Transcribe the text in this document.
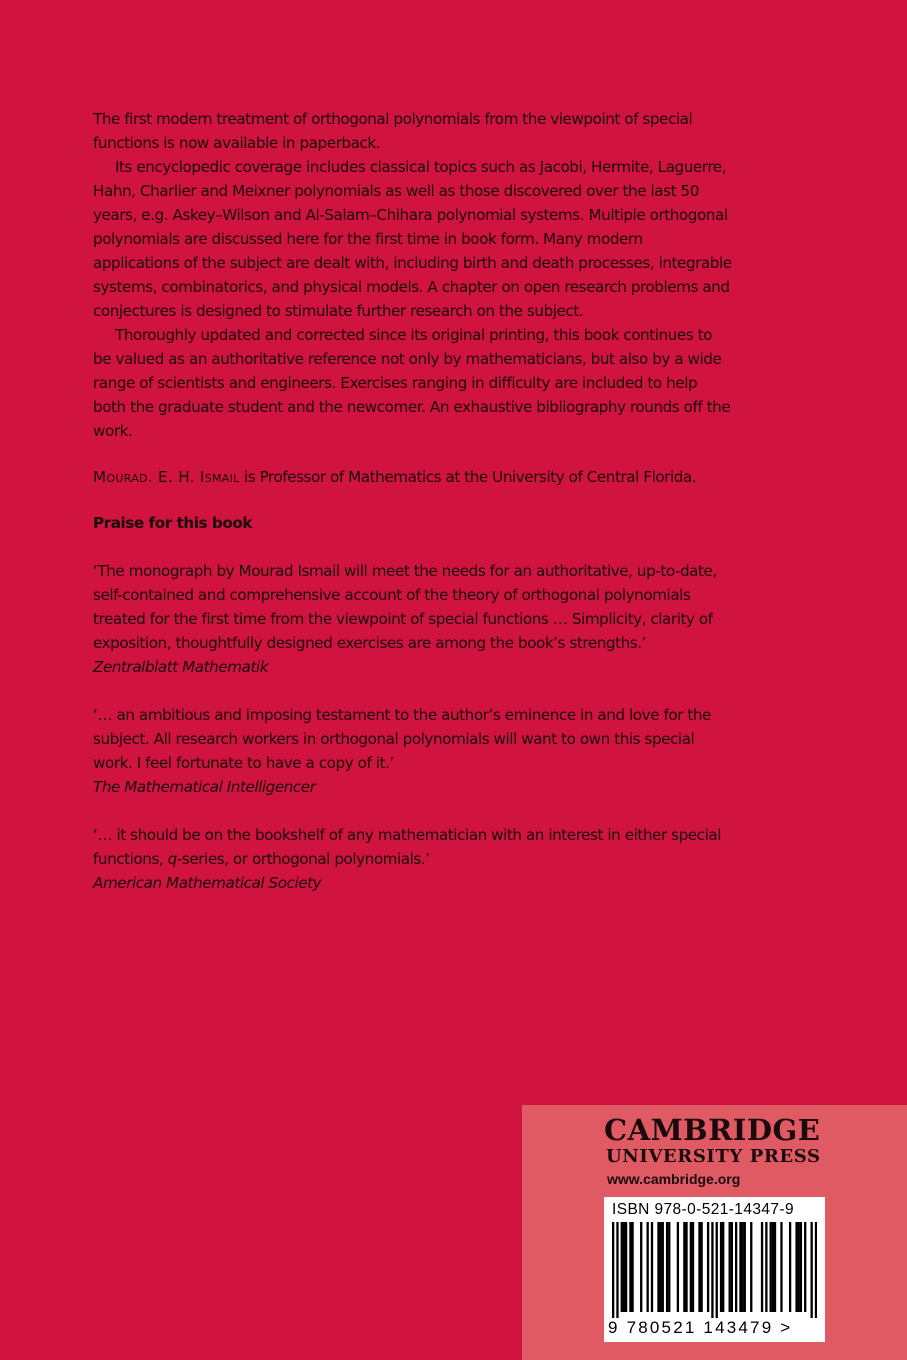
The first modern treatment of orthogonal polynomials from the viewpoint of special functions is now available in paperback.

Its encyclopedic coverage includes classical topics such as Jacobi, Hermite, Laguerre, Hahn, Charlier and Meixner polynomials as well as those discovered over the last 50 years, e.g. Askey–Wilson and Al-Salam–Chihara polynomial systems. Multiple orthogonal polynomials are discussed here for the first time in book form. Many modern applications of the subject are dealt with, including birth and death processes, integrable systems, combinatorics, and physical models. A chapter on open research problems and conjectures is designed to stimulate further research on the subject.

Thoroughly updated and corrected since its original printing, this book continues to be valued as an authoritative reference not only by mathematicians, but also by a wide range of scientists and engineers. Exercises ranging in difficulty are included to help both the graduate student and the newcomer. An exhaustive bibliography rounds off the work.

Mourad. E. H. Ismail is Professor of Mathematics at the University of Central Florida.

Praise for this book

‘The monograph by Mourad Ismail will meet the needs for an authoritative, up-to-date, self-contained and comprehensive account of the theory of orthogonal polynomials treated for the first time from the viewpoint of special functions … Simplicity, clarity of exposition, thoughtfully designed exercises are among the book’s strengths.’
Zentralblatt Mathematik

‘… an ambitious and imposing testament to the author’s eminence in and love for the subject. All research workers in orthogonal polynomials will want to own this special work. I feel fortunate to have a copy of it.’
The Mathematical Intelligencer

‘… it should be on the bookshelf of any mathematician with an interest in either special functions, q-series, or orthogonal polynomials.’
American Mathematical Society

CAMBRIDGE
UNIVERSITY PRESS
www.cambridge.org
ISBN 978-0-521-14347-9
9 780521 143479 >
